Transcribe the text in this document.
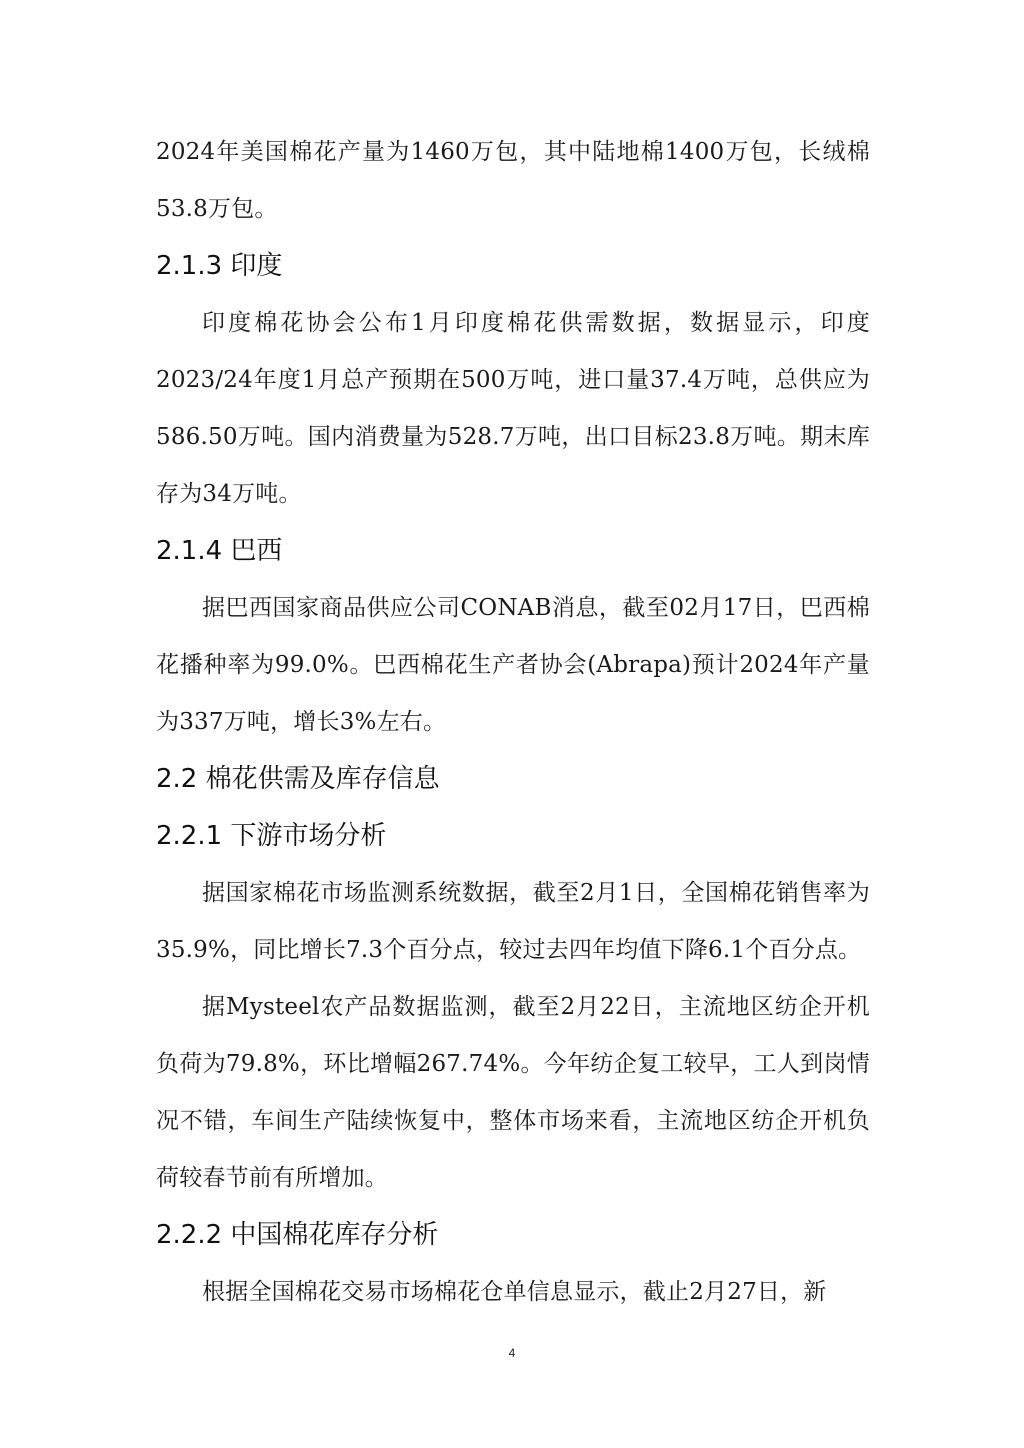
2024年美国棉花产量为1460万包，其中陆地棉1400万包，长绒棉53.8万包。

2.1.3 印度

印度棉花协会公布1月印度棉花供需数据，数据显示，印度2023/24年度1月总产预期在500万吨，进口量37.4万吨，总供应为586.50万吨。国内消费量为528.7万吨，出口目标23.8万吨。期末库存为34万吨。

2.1.4 巴西

据巴西国家商品供应公司CONAB消息，截至02月17日，巴西棉花播种率为99.0%。巴西棉花生产者协会(Abrapa)预计2024年产量为337万吨，增长3%左右。

2.2 棉花供需及库存信息
2.2.1 下游市场分析

据国家棉花市场监测系统数据，截至2月1日，全国棉花销售率为35.9%，同比增长7.3个百分点，较过去四年均值下降6.1个百分点。

据Mysteel农产品数据监测，截至2月22日，主流地区纺企开机负荷为79.8%，环比增幅267.74%。今年纺企复工较早，工人到岗情况不错，车间生产陆续恢复中，整体市场来看，主流地区纺企开机负荷较春节前有所增加。

2.2.2 中国棉花库存分析

根据全国棉花交易市场棉花仓单信息显示，截止2月27日，新

4
